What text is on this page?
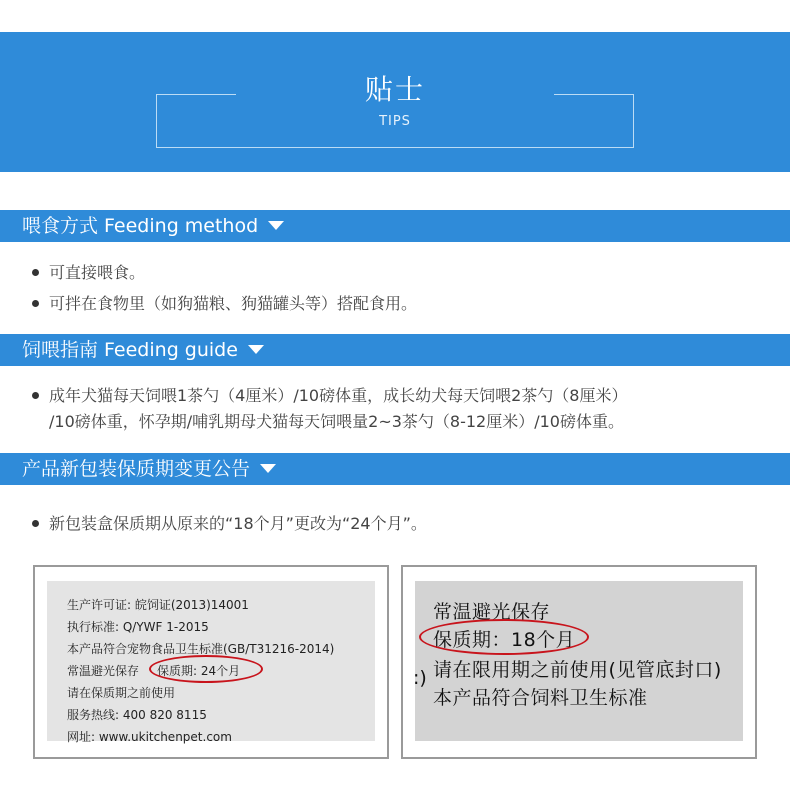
贴士
TIPS
喂食方式 Feeding method
可直接喂食。
可拌在食物里（如狗猫粮、狗猫罐头等）搭配食用。
饲喂指南 Feeding guide
成年犬猫每天饲喂1茶勺（4厘米）/10磅体重，成长幼犬每天饲喂2茶勺（8厘米）
/10磅体重，怀孕期/哺乳期母犬猫每天饲喂量2~3茶勺（8-12厘米）/10磅体重。
产品新包装保质期变更公告
新包装盒保质期从原来的“18个月”更改为“24个月”。
生产许可证: 皖饲证(2013)14001
执行标准: Q/YWF 1-2015
本产品符合宠物食品卫生标准(GB/T31216-2014)
常温避光保存 保质期: 24个月
请在保质期之前使用
服务热线: 400 820 8115
网址: www.ukitchenpet.com
常温避光保存
保质期：18个月
请在限用期之前使用(见管底封口)
本产品符合饲料卫生标准
:)
